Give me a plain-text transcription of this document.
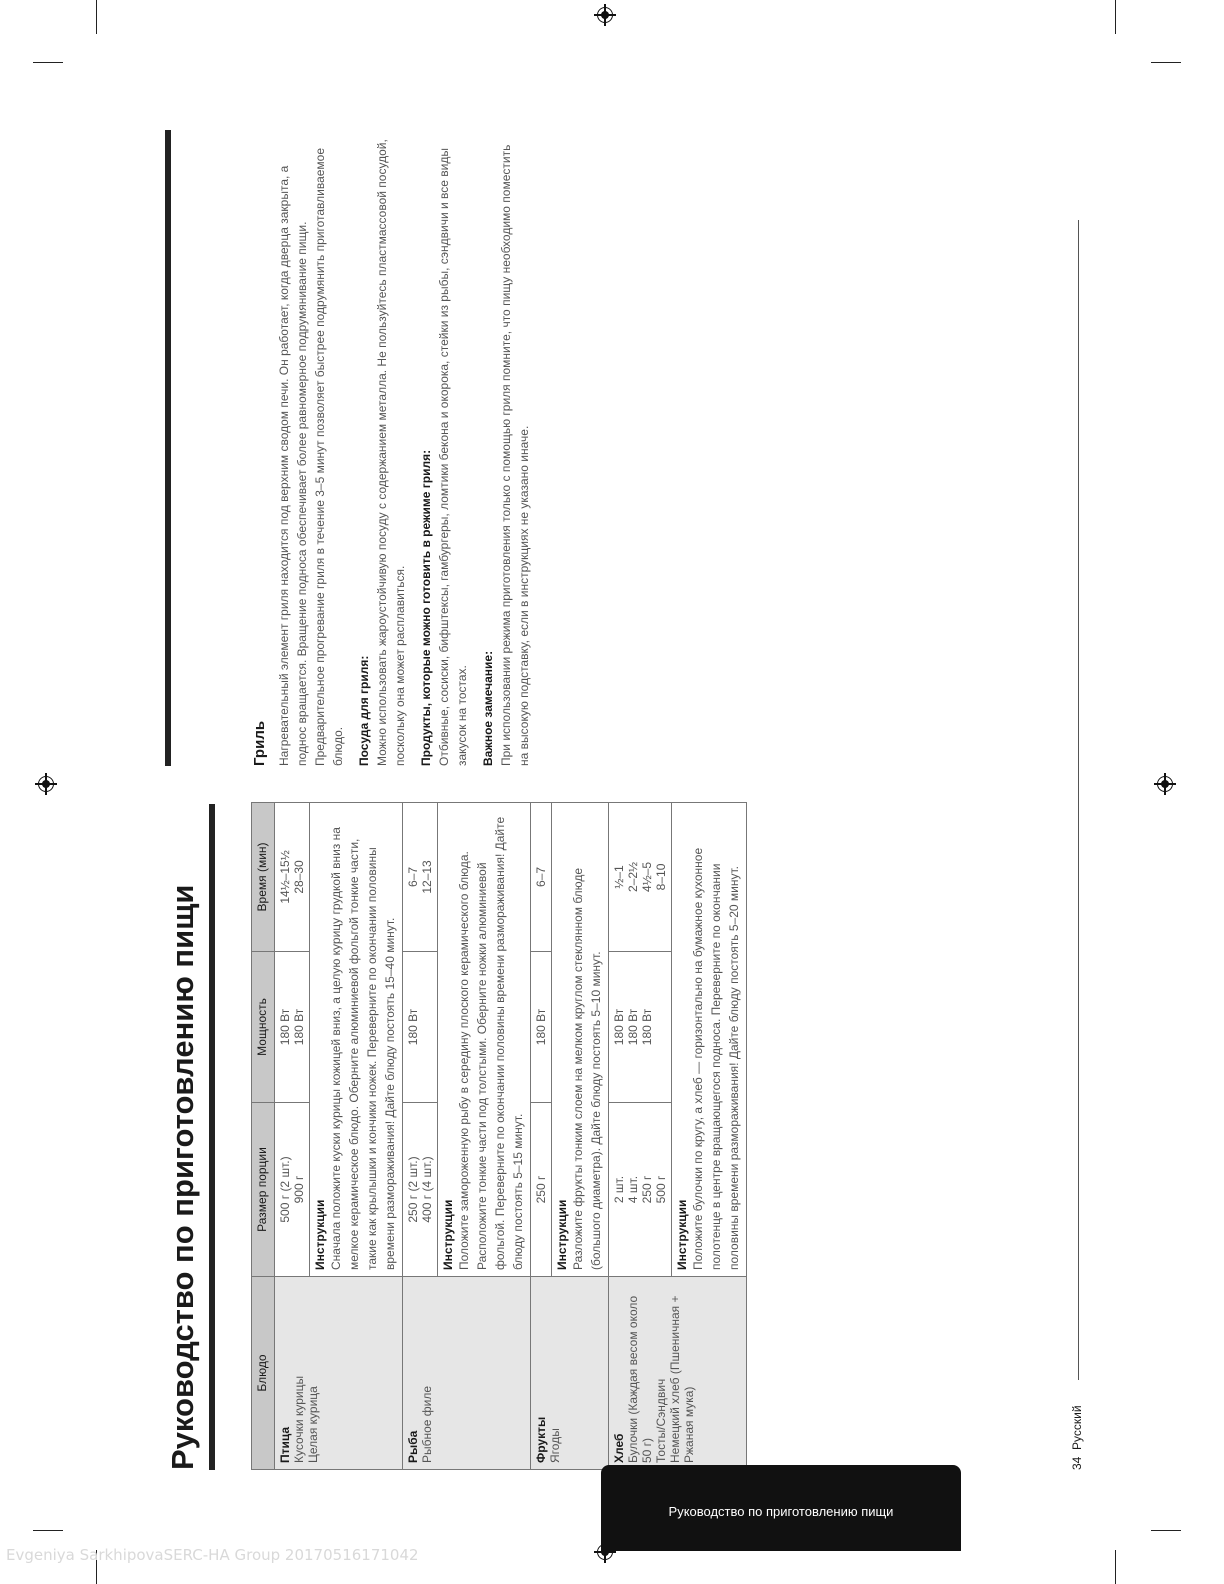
Руководство по приготовлению пищи	Блюдо	Размер порции	Мощность	Время (мин)

Птица Кусочки курицы Целая курица	500 г (2 шт.) 900 г	180 Вт 180 Вт	14½–15½ 28–30

	Инструкции Сначала положите куски курицы кожицей вниз, а целую курицу грудкой вниз на мелкое керамическое блюдо. Оберните алюминиевой фольгой тонкие части, такие как крылышки и кончики ножек. Переверните по окончании половины времени размораживания! Дайте блюду постоять 15–40 минут.		

Рыба Рыбное филе	250 г (2 шт.) 400 г (4 шт.)	180 Вт	6–7 12–13

	Инструкции Положите замороженную рыбу в середину плоского керамического блюда. Расположите тонкие части под толстыми. Оберните ножки алюминиевой фольгой. Переверните по окончании половины времени размораживания! Дайте блюду постоять 5–15 минут.		

Фрукты Ягоды	250 г	180 Вт	6–7

	Инструкции Разложите фрукты тонким слоем на мелком круглом стеклянном блюде (большого диаметра). Дайте блюду постоять 5–10 минут.		

Хлеб Булочки (Каждая весом около 50 г) Тосты/Сэндвич Немецкий хлеб (Пшеничная + Ржаная мука)	2 шт. 4 шт. 250 г 500 г	180 Вт 180 Вт 180 Вт	½–1 2–2½ 4½–5 8–10

	Инструкции Положите булочки по кругу, а хлеб — горизонтально на бумажное кухонное полотенце в центре вращающегося подноса. Переверните по окончании половины времени размораживания! Дайте блюду постоять 5–20 минут.		
Гриль Нагревательный элемент гриля находится под верхним сводом печи. Он работает, когда дверца закрыта, а поднос вращается. Вращение подноса обеспечивает более равномерное подрумянивание пищи. Предварительное прогревание гриля в течение 3–5 минут позволяет быстрее подрумянить приготавливаемое блюдо. Посуда для гриля: Можно использовать жароустойчивую посуду с содержанием металла. Не пользуйтесь пластмассовой посудой, поскольку она может расплавиться. Продукты, которые можно готовить в режиме гриля: Отбивные, сосиски, бифштексы, гамбургеры, ломтики бекона и окорока, стейки из рыбы, сэндвичи и все виды закусок на тостах. Важное замечание: При использовании режима приготовления только с помощью гриля помните, что пищу необходимо поместить на высокую подставку, если в инструкциях не указано иначе.
34  Русский
Руководство по приготовлению пищи
Evgeniya SarkhipovaSERC-HA Group 20170516171042
